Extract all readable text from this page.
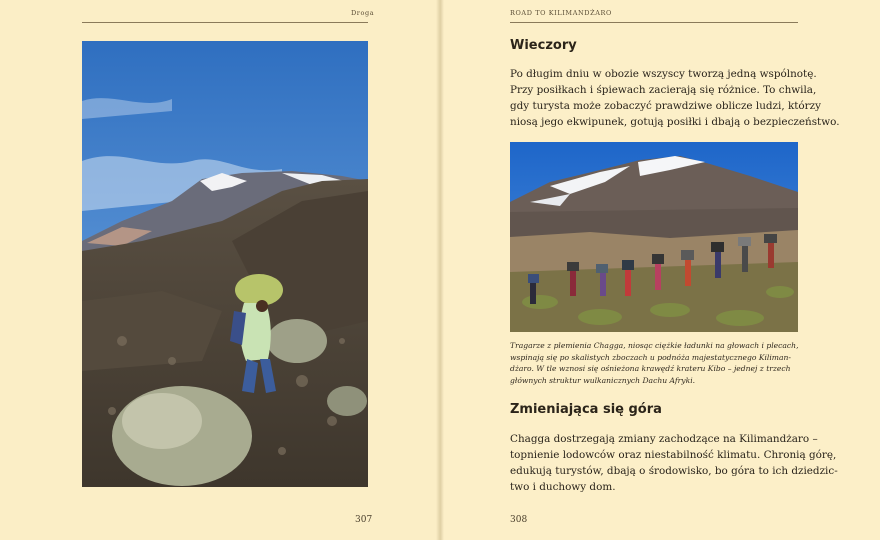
Droga
307
ROAD TO KILIMANDŻARO
Wieczory

Po długim dniu w obozie wszyscy tworzą jedną wspólnotę.
Przy posiłkach i śpiewach zacierają się różnice. To chwila,
gdy turysta może zobaczyć prawdziwe oblicze ludzi, którzy
niosą jego ekwipunek, gotują posiłki i dbają o bezpieczeństwo.

Tragarze z plemienia Chagga, niosąc ciężkie ładunki na głowach i plecach,
wspinają się po skalistych zboczach u podnóża majestatycznego Kiliman-
dżaro. W tle wznosi się ośnieżona krawędź krateru Kibo – jednej z trzech
głównych struktur wulkanicznych Dachu Afryki.

Zmieniająca się góra

Chagga dostrzegają zmiany zachodzące na Kilimandżaro –
topnienie lodowców oraz niestabilność klimatu. Chronią górę,
edukują turystów, dbają o środowisko, bo góra to ich dziedzic-
two i duchowy dom.

308
